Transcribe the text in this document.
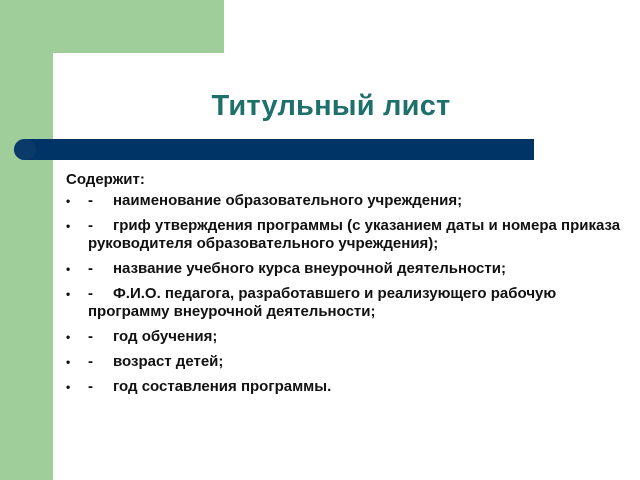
Титульный лист
Содержит:
•	- наименование образовательного учреждения;
•	- гриф утверждения программы (с указанием даты и номера приказа руководителя образовательного учреждения);
•	- название учебного курса внеурочной деятельности;
•	- Ф.И.О. педагога, разработавшего и реализующего рабочую программу внеурочной деятельности;
•	- год обучения;
•	- возраст детей;
•	- год составления программы.
